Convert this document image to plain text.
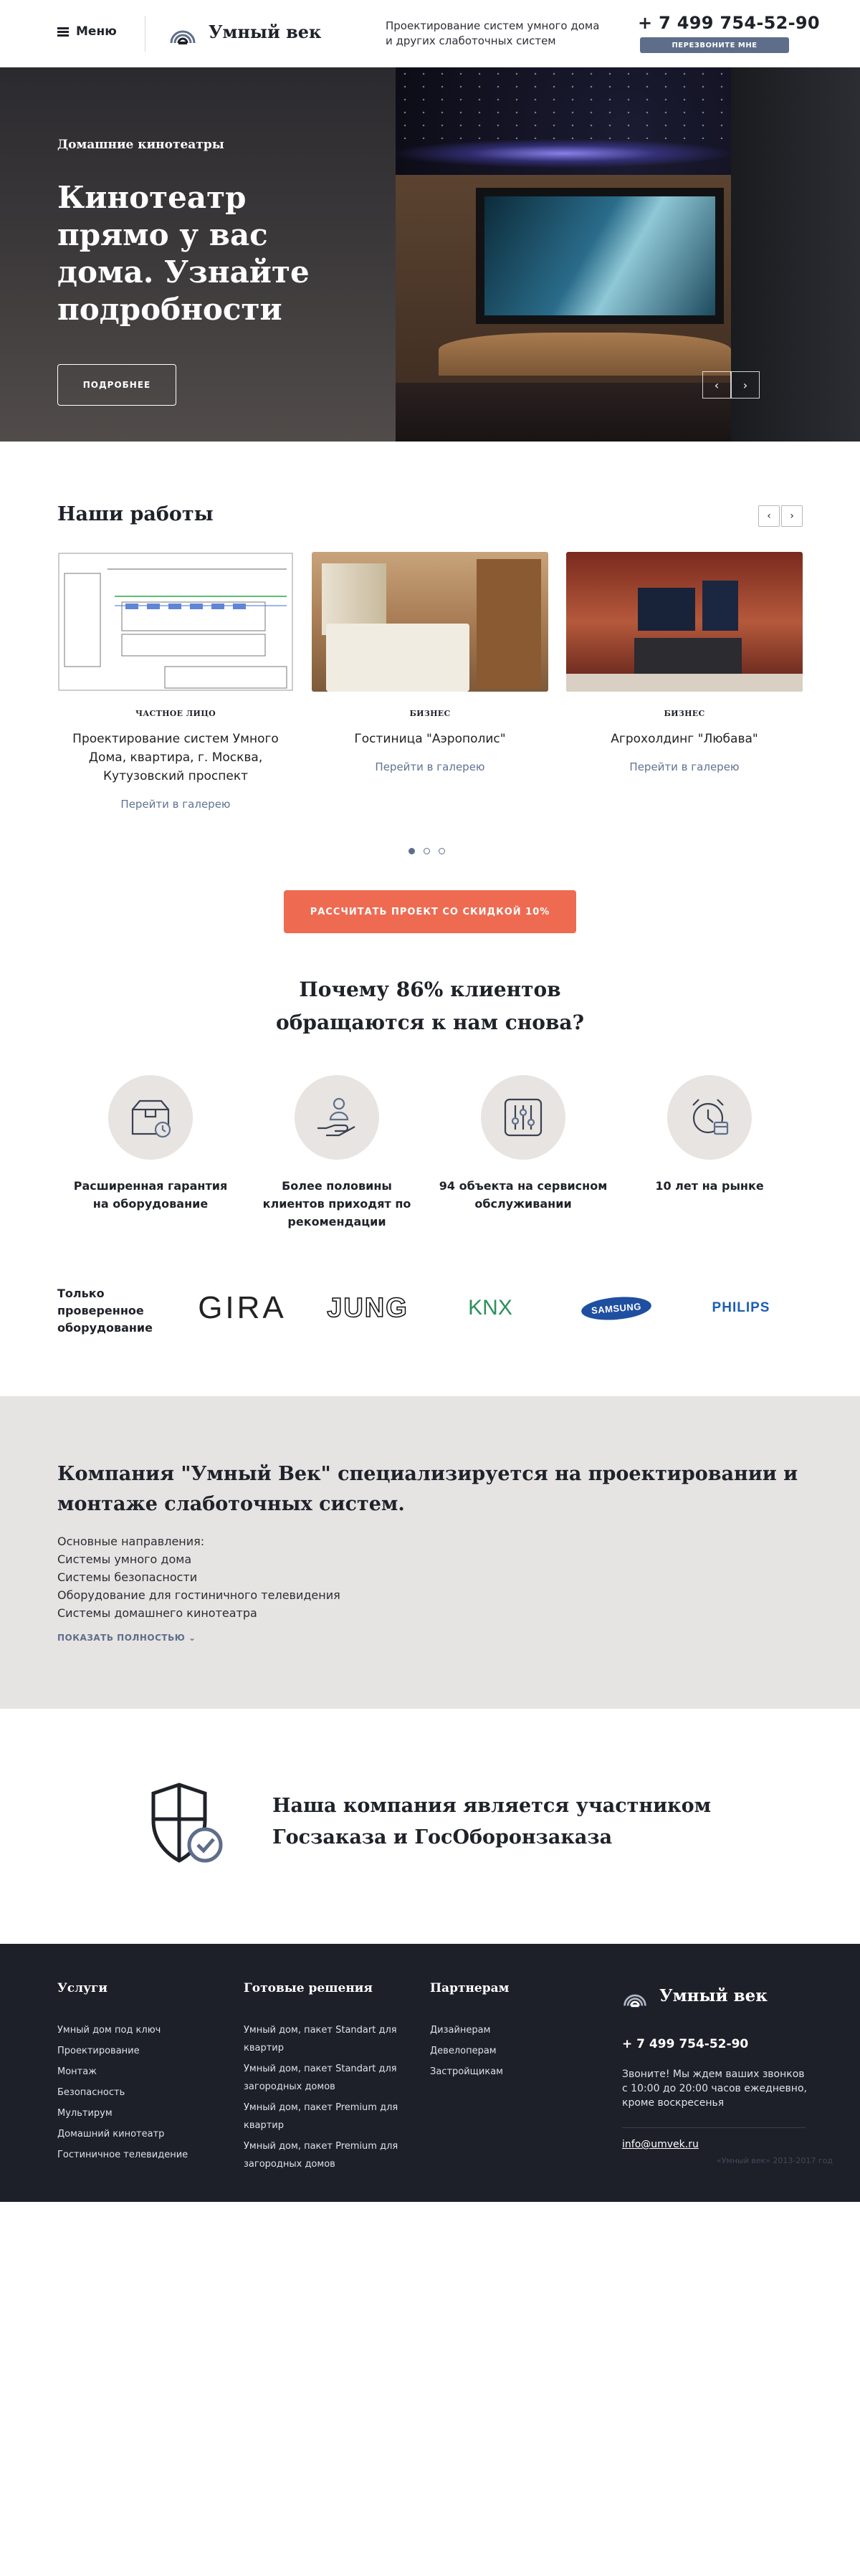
Меню	Умный век	Проектирование систем умного дома
и других слаботочных систем
+ 7 499 754-52-90
ПЕРЕЗВОНИТЕ МНЕ
Домашние кинотеатры
Кинотеатр прямо у вас дома. Узнайте подробности
ПОДРОБНЕЕ	‹ ›
Наши работы	‹ ›
ЧАСТНОЕ ЛИЦО
Проектирование систем Умного Дома, квартира, г. Москва, Кутузовский проспект
Перейти в галерею
БИЗНЕС
Гостиница "Аэрополис"
Перейти в галерею
БИЗНЕС
Агрохолдинг "Любава"
Перейти в галерею
РАССЧИТАТЬ ПРОЕКТ СО СКИДКОЙ 10%
Почему 86% клиентов
обращаются к нам снова?
Расширенная гарантия на оборудование
Более половины клиентов приходят по рекомендации
94 объекта на сервисном обслуживании
10 лет на рынке
Только
проверенное
оборудование
GIRA JUNG	KNX	SAMSUNG	PHILIPS
Компания "Умный Век" специализируется на проектировании и монтаже слаботочных систем.
Основные направления:
Системы умного дома
Системы безопасности
Оборудование для гостиничного телевидения
Системы домашнего кинотеатра
ПОКАЗАТЬ ПОЛНОСТЬЮ ⌄
Наша компания является участником
Госзаказа и ГосОборонзаказа
Услуги
Умный дом под ключ
Проектирование
Монтаж
Безопасность
Мультирум
Домашний кинотеатр
Гостиничное телевидение
Готовые решения
Умный дом, пакет Standart для квартир
Умный дом, пакет Standart для загородных домов
Умный дом, пакет Premium для квартир
Умный дом, пакет Premium для загородных домов
Партнерам
Дизайнерам
Девелоперам
Застройщикам
Умный век
+ 7 499 754-52-90
Звоните! Мы ждем ваших звонков с 10:00 до 20:00 часов ежедневно, кроме воскресенья
info@umvek.ru
«Умный век» 2013-2017 год
